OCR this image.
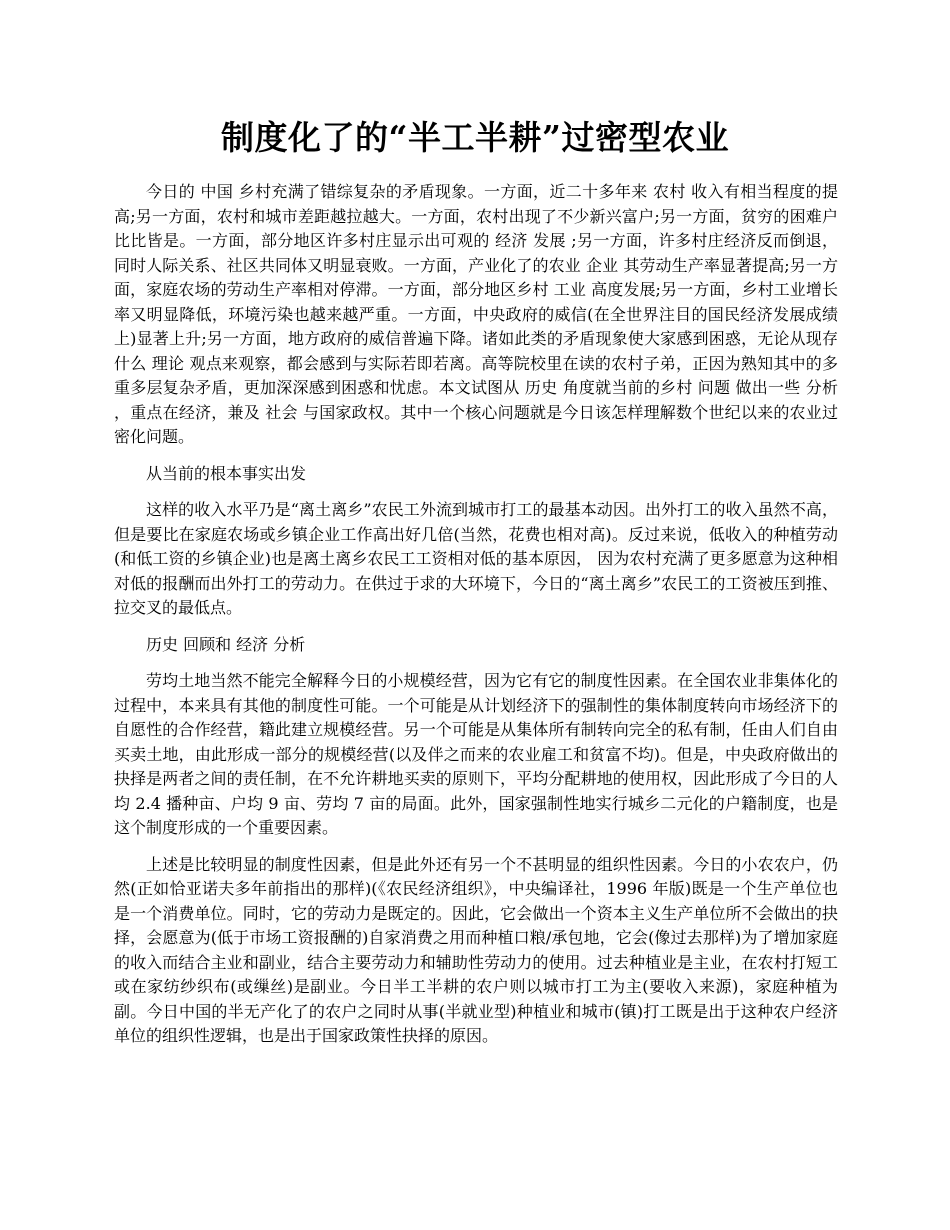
制度化了的“半工半耕”过密型农业

今日的 中国 乡村充满了错综复杂的矛盾现象。一方面，近二十多年来 农村 收入有相当程度的提高;另一方面，农村和城市差距越拉越大。一方面，农村出现了不少新兴富户;另一方面，贫穷的困难户比比皆是。一方面，部分地区许多村庄显示出可观的 经济 发展 ;另一方面，许多村庄经济反而倒退，同时人际关系、社区共同体又明显衰败。一方面，产业化了的农业 企业 其劳动生产率显著提高;另一方面，家庭农场的劳动生产率相对停滞。一方面，部分地区乡村 工业 高度发展;另一方面，乡村工业增长率又明显降低，环境污染也越来越严重。一方面，中央政府的威信(在全世界注目的国民经济发展成绩上)显著上升;另一方面，地方政府的威信普遍下降。诸如此类的矛盾现象使大家感到困惑，无论从现存什么 理论 观点来观察，都会感到与实际若即若离。高等院校里在读的农村子弟，正因为熟知其中的多重多层复杂矛盾，更加深深感到困惑和忧虑。本文试图从 历史 角度就当前的乡村 问题 做出一些 分析 ，重点在经济，兼及 社会 与国家政权。其中一个核心问题就是今日该怎样理解数个世纪以来的农业过密化问题。

从当前的根本事实出发

这样的收入水平乃是“离土离乡”农民工外流到城市打工的最基本动因。出外打工的收入虽然不高，但是要比在家庭农场或乡镇企业工作高出好几倍(当然，花费也相对高)。反过来说，低收入的种植劳动(和低工资的乡镇企业)也是离土离乡农民工工资相对低的基本原因， 因为农村充满了更多愿意为这种相对低的报酬而出外打工的劳动力。在供过于求的大环境下，今日的“离土离乡”农民工的工资被压到推、拉交叉的最低点。

历史 回顾和 经济 分析

劳均土地当然不能完全解释今日的小规模经营，因为它有它的制度性因素。在全国农业非集体化的过程中，本来具有其他的制度性可能。一个可能是从计划经济下的强制性的集体制度转向市场经济下的自愿性的合作经营，籍此建立规模经营。另一个可能是从集体所有制转向完全的私有制，任由人们自由买卖土地，由此形成一部分的规模经营(以及伴之而来的农业雇工和贫富不均)。但是，中央政府做出的抉择是两者之间的责任制，在不允许耕地买卖的原则下，平均分配耕地的使用权，因此形成了今日的人均 2.4 播种亩、户均 9 亩、劳均 7 亩的局面。此外，国家强制性地实行城乡二元化的户籍制度，也是这个制度形成的一个重要因素。

上述是比较明显的制度性因素，但是此外还有另一个不甚明显的组织性因素。今日的小农农户，仍然(正如恰亚诺夫多年前指出的那样)(《农民经济组织》，中央编译社，1996 年版)既是一个生产单位也是一个消费单位。同时，它的劳动力是既定的。因此，它会做出一个资本主义生产单位所不会做出的抉择，会愿意为(低于市场工资报酬的)自家消费之用而种植口粮/承包地，它会(像过去那样)为了增加家庭的收入而结合主业和副业，结合主要劳动力和辅助性劳动力的使用。过去种植业是主业，在农村打短工或在家纺纱织布(或缫丝)是副业。今日半工半耕的农户则以城市打工为主(要收入来源)，家庭种植为副。今日中国的半无产化了的农户之同时从事(半就业型)种植业和城市(镇)打工既是出于这种农户经济单位的组织性逻辑，也是出于国家政策性抉择的原因。
